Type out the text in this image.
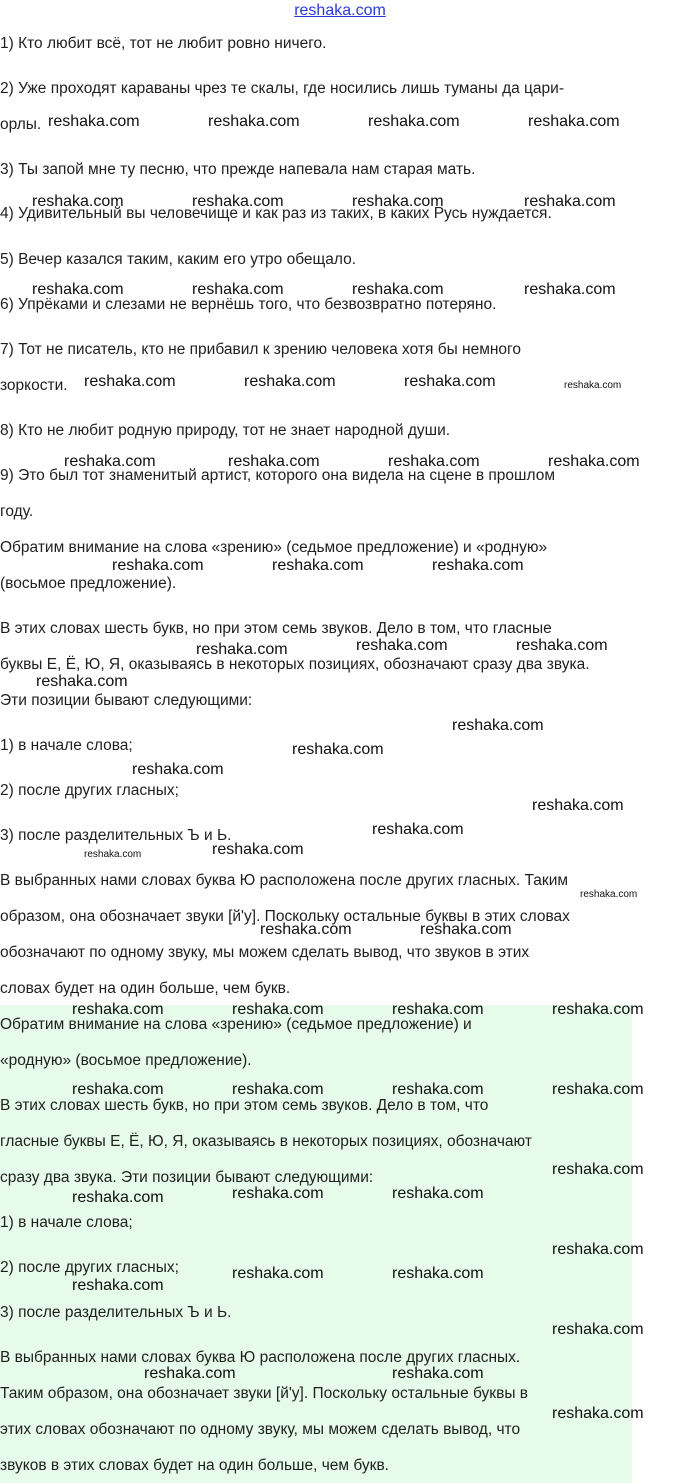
reshaka.com

1) Кто любит всё, тот не любит ровно ничего.

2) Уже проходят караваны чрез те скалы, где носились лишь туманы да цари-

орлы.

3) Ты запой мне ту песню, что прежде напевала нам старая мать.

4) Удивительный вы человечище и как раз из таких, в каких Русь нуждается.

5) Вечер казался таким, каким его утро обещало.

6) Упрёками и слезами не вернёшь того, что безвозвратно потеряно.

7) Тот не писатель, кто не прибавил к зрению человека хотя бы немного

зоркости.

8) Кто не любит родную природу, тот не знает народной души.

9) Это был тот знаменитый артист, которого она видела на сцене в прошлом

году.

Обратим внимание на слова «зрению» (седьмое предложение) и «родную»

(восьмое предложение).

В этих словах шесть букв, но при этом семь звуков. Дело в том, что гласные

буквы Е, Ё, Ю, Я, оказываясь в некоторых позициях, обозначают сразу два звука.

Эти позиции бывают следующими:

1) в начале слова;

2) после других гласных;

3) после разделительных Ъ и Ь.

В выбранных нами словах буква Ю расположена после других гласных. Таким

образом, она обозначает звуки [й'у]. Поскольку остальные буквы в этих словах

обозначают по одному звуку, мы можем сделать вывод, что звуков в этих

словах будет на один больше, чем букв.

Обратим внимание на слова «зрению» (седьмое предложение) и

«родную» (восьмое предложение).

В этих словах шесть букв, но при этом семь звуков. Дело в том, что

гласные буквы Е, Ё, Ю, Я, оказываясь в некоторых позициях, обозначают

сразу два звука. Эти позиции бывают следующими:

1) в начале слова;

2) после других гласных;

3) после разделительных Ъ и Ь.

В выбранных нами словах буква Ю расположена после других гласных.

Таким образом, она обозначает звуки [й'у]. Поскольку остальные буквы в

этих словах обозначают по одному звуку, мы можем сделать вывод, что

звуков в этих словах будет на один больше, чем букв.

reshaka.com	reshaka.com	reshaka.com	reshaka.com
reshaka.com	reshaka.com	reshaka.com	reshaka.com
reshaka.com	reshaka.com	reshaka.com	reshaka.com
reshaka.com	reshaka.com	reshaka.com	reshaka.com
reshaka.com	reshaka.com	reshaka.com	reshaka.com
reshaka.com	reshaka.com	reshaka.com
reshaka.com	reshaka.com	reshaka.com
reshaka.com
reshaka.com
reshaka.com
reshaka.com
reshaka.com
reshaka.com
reshaka.com
reshaka.com
reshaka.com
reshaka.com	reshaka.com
reshaka.com	reshaka.com	reshaka.com	reshaka.com
reshaka.com	reshaka.com	reshaka.com	reshaka.com
reshaka.com
reshaka.com	reshaka.com	reshaka.com
reshaka.com
reshaka.com	reshaka.com
reshaka.com
reshaka.com
reshaka.com	reshaka.com
reshaka.com
